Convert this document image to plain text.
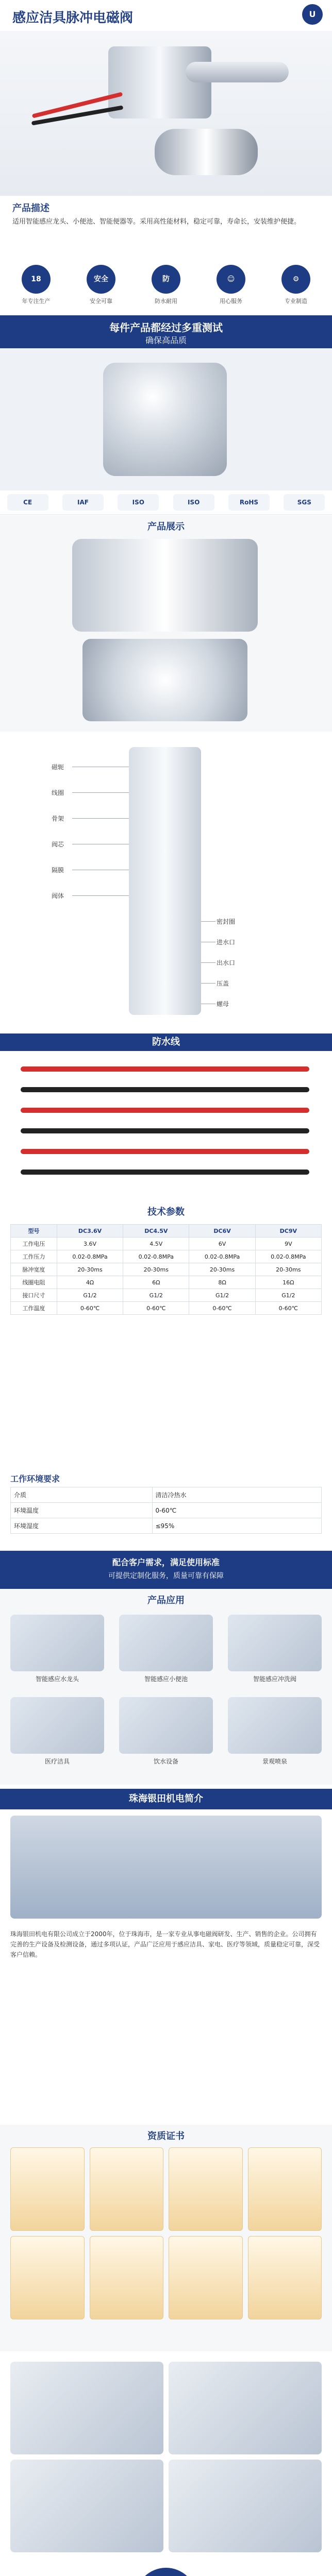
感应洁具脉冲电磁阀	U
产品描述

适用智能感应龙头、小便池、智能便器等。采用高性能材料，稳定可靠，寿命长，安装维护便捷。

18
年专注生产
安全
安全可靠
防
防水耐用
☺
用心服务
⚙
专业制造
每件产品都经过多重测试
确保高品质
CE	IAF	ISO	ISO	RoHS	SGS
产品展示
磁轭
线圈
骨架
阀芯
隔膜
阀体
密封圈
进水口
出水口
压盖
螺母
防水线
技术参数
型号	DC3.6V	DC4.5V	DC6V	DC9V
工作电压	3.6V	4.5V	6V	9V
工作压力	0.02-0.8MPa	0.02-0.8MPa	0.02-0.8MPa	0.02-0.8MPa
脉冲宽度	20-30ms	20-30ms	20-30ms	20-30ms
线圈电阻	4Ω	6Ω	8Ω	16Ω
接口尺寸	G1/2	G1/2	G1/2	G1/2
工作温度	0-60℃	0-60℃	0-60℃	0-60℃
工作环境要求
介质	清洁冷热水
环境温度	0-60℃
环境湿度	≤95%
配合客户需求，满足使用标准
可提供定制化服务，质量可靠有保障
产品应用
智能感应水龙头	智能感应小便池	智能感应冲洗阀
医疗洁具	饮水设备	景观喷泉
珠海银田机电简介
珠海银田机电有限公司成立于2000年，位于珠海市，是一家专业从事电磁阀研发、生产、销售的企业。公司拥有完善的生产设备及检测设备，通过多项认证，产品广泛应用于感应洁具、家电、医疗等领域，质量稳定可靠，深受客户信赖。
资质证书
